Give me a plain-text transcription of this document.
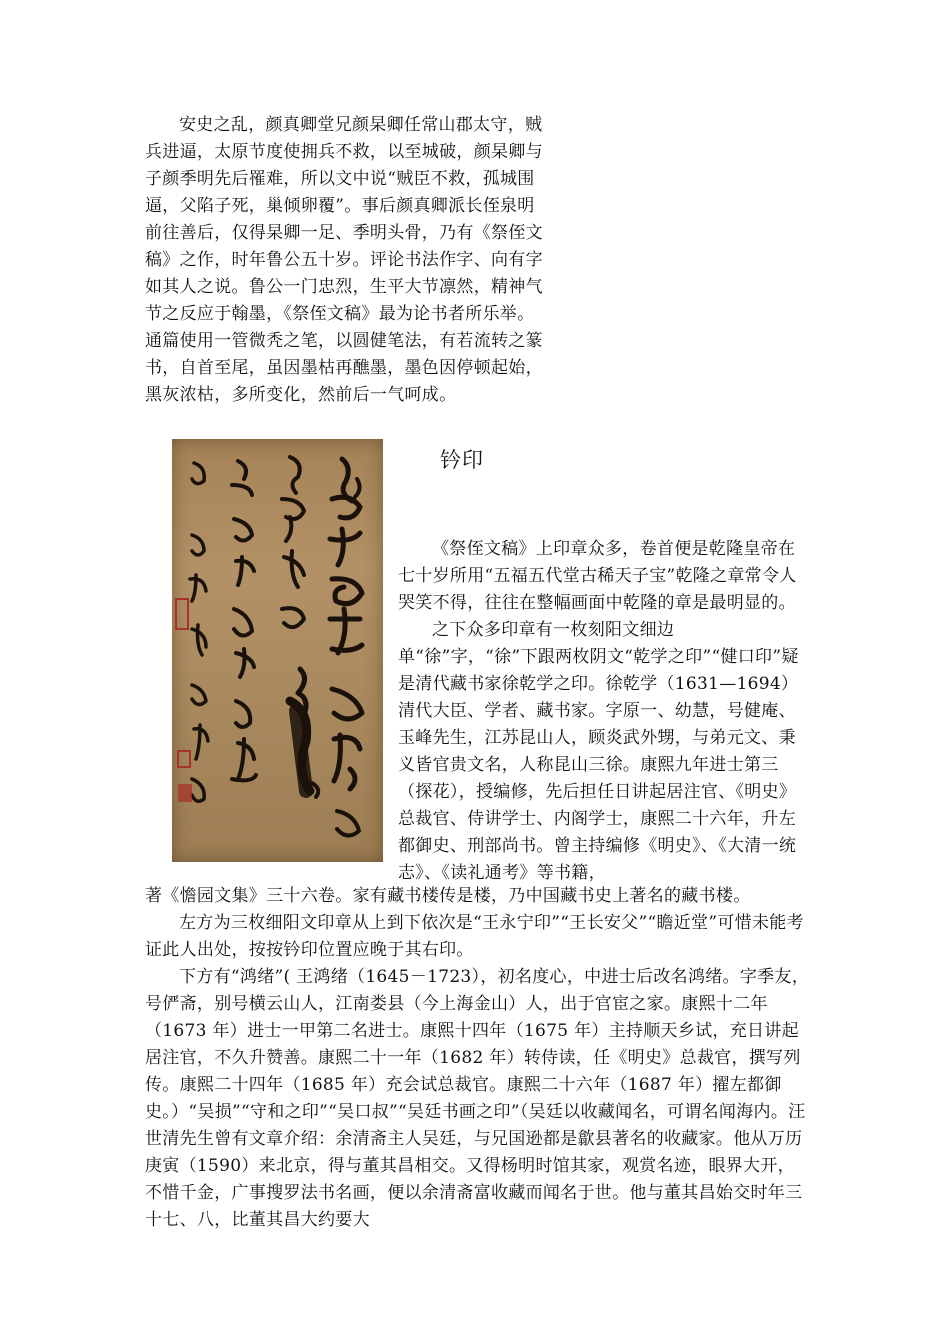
安史之乱，颜真卿堂兄颜杲卿任常山郡太守，贼兵进逼，太原节度使拥兵不救，以至城破，颜杲卿与子颜季明先后罹难，所以文中说“贼臣不救，孤城围逼，父陷子死，巢倾卵覆”。事后颜真卿派长侄泉明前往善后，仅得杲卿一足、季明头骨，乃有《祭侄文稿》之作，时年鲁公五十岁。评论书法作字、向有字如其人之说。鲁公一门忠烈，生平大节凛然，精神气节之反应于翰墨，《祭侄文稿》最为论书者所乐举。通篇使用一管微秃之笔，以圆健笔法，有若流转之篆书，自首至尾，虽因墨枯再醮墨，墨色因停顿起始，黑灰浓枯，多所变化，然前后一气呵成。

钤印

《祭侄文稿》上印章众多，卷首便是乾隆皇帝在七十岁所用“五福五代堂古稀天子宝”乾隆之章常令人哭笑不得，往往在整幅画面中乾隆的章是最明显的。

之下众多印章有一枚刻阳文细边单“徐”字，“徐”下跟两枚阴文“乾学之印”“健口印”疑是清代藏书家徐乾学之印。徐乾学（1631—1694）清代大臣、学者、藏书家。字原一、幼慧，号健庵、玉峰先生，江苏昆山人，顾炎武外甥，与弟元文、秉义皆官贵文名，人称昆山三徐。康熙九年进士第三（探花），授编修，先后担任日讲起居注官、《明史》总裁官、侍讲学士、内阁学士，康熙二十六年，升左都御史、刑部尚书。曾主持编修《明史》、《大清一统志》、《读礼通考》等书籍，

著《憺园文集》三十六卷。家有藏书楼传是楼，乃中国藏书史上著名的藏书楼。

左方为三枚细阳文印章从上到下依次是“王永宁印”“王长安父”“瞻近堂”可惜未能考证此人出处，按按钤印位置应晚于其右印。

下方有“鸿绪”( 王鸿绪（1645－1723），初名度心，中进士后改名鸿绪。字季友，号俨斋，别号横云山人，江南娄县（今上海金山）人，出于官宦之家。康熙十二年（1673 年）进士一甲第二名进士。康熙十四年（1675 年）主持顺天乡试，充日讲起居注官，不久升赞善。康熙二十一年（1682 年）转侍读，任《明史》总裁官，撰写列传。康熙二十四年（1685 年）充会试总裁官。康熙二十六年（1687 年）擢左都御史。）“吴损”“守和之印”“吴口叔”“吴廷书画之印”（吴廷以收藏闻名，可谓名闻海内。汪世清先生曾有文章介绍：余清斋主人吴廷，与兄国逊都是歙县著名的收藏家。他从万历庚寅（1590）来北京，得与董其昌相交。又得杨明时馆其家，观赏名迹，眼界大开，不惜千金，广事搜罗法书名画，便以余清斋富收藏而闻名于世。他与董其昌始交时年三十七、八，比董其昌大约要大
